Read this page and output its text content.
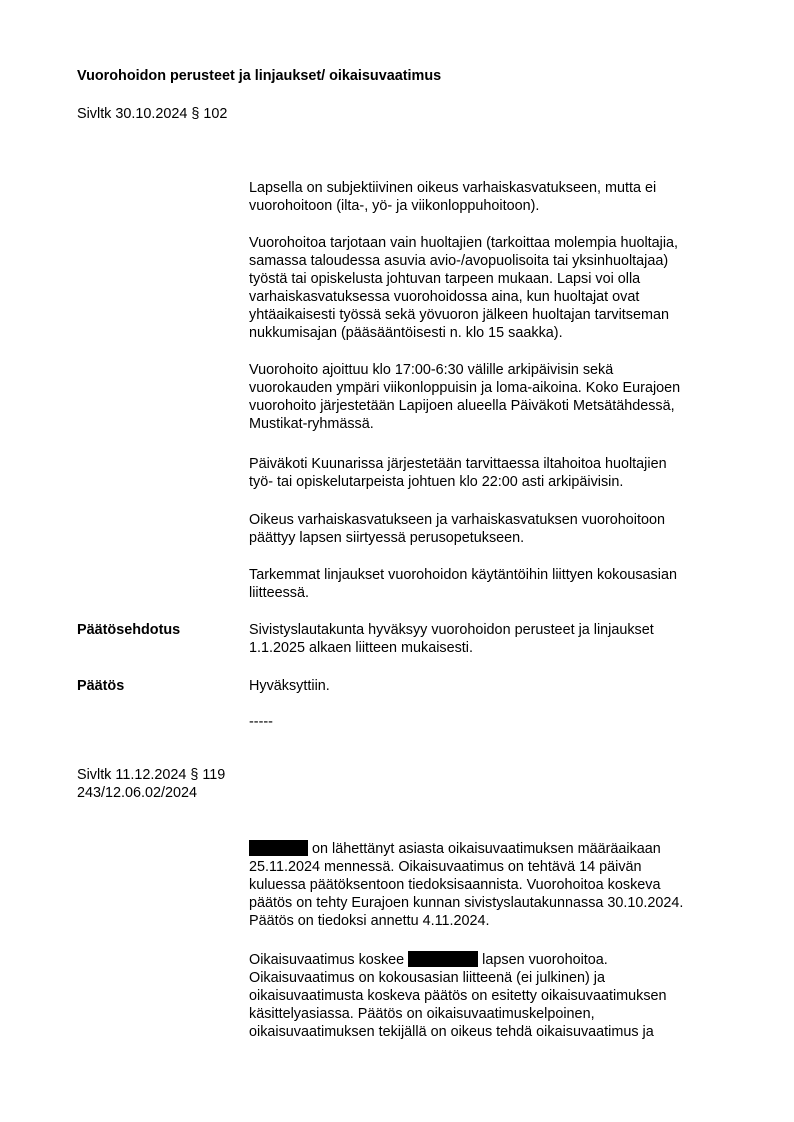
Vuorohoidon perusteet ja linjaukset/ oikaisuvaatimus

Sivltk 30.10.2024 § 102

Lapsella on subjektiivinen oikeus varhaiskasvatukseen, mutta ei
vuorohoitoon (ilta-, yö- ja viikonloppuhoitoon).

Vuorohoitoa tarjotaan vain huoltajien (tarkoittaa molempia huoltajia,
samassa taloudessa asuvia avio-/avopuolisoita tai yksinhuoltajaa)
työstä tai opiskelusta johtuvan tarpeen mukaan. Lapsi voi olla
varhaiskasvatuksessa vuorohoidossa aina, kun huoltajat ovat
yhtäaikaisesti työssä sekä yövuoron jälkeen huoltajan tarvitseman
nukkumisajan (pääsääntöisesti n. klo 15 saakka).

Vuorohoito ajoittuu klo 17:00-6:30 välille arkipäivisin sekä
vuorokauden ympäri viikonloppuisin ja loma-aikoina. Koko Eurajoen
vuorohoito järjestetään Lapijoen alueella Päiväkoti Metsätähdessä,
Mustikat-ryhmässä.

Päiväkoti Kuunarissa järjestetään tarvittaessa iltahoitoa huoltajien
työ- tai opiskelutarpeista johtuen klo 22:00 asti arkipäivisin.

Oikeus varhaiskasvatukseen ja varhaiskasvatuksen vuorohoitoon
päättyy lapsen siirtyessä perusopetukseen.

Tarkemmat linjaukset vuorohoidon käytäntöihin liittyen kokousasian
liitteessä.

Päätösehdotus	Sivistyslautakunta hyväksyy vuorohoidon perusteet ja linjaukset
1.1.2025 alkaen liitteen mukaisesti.

Päätös	Hyväksyttiin.

-----

Sivltk 11.12.2024 § 119
243/12.06.02/2024

on lähettänyt asiasta oikaisuvaatimuksen määräaikaan
25.11.2024 mennessä. Oikaisuvaatimus on tehtävä 14 päivän
kuluessa päätöksentoon tiedoksisaannista. Vuorohoitoa koskeva
päätös on tehty Eurajoen kunnan sivistyslautakunnassa 30.10.2024.
Päätös on tiedoksi annettu 4.11.2024.

Oikaisuvaatimus koskee	lapsen vuorohoitoa.
Oikaisuvaatimus on kokousasian liitteenä (ei julkinen) ja
oikaisuvaatimusta koskeva päätös on esitetty oikaisuvaatimuksen
käsittelyasiassa. Päätös on oikaisuvaatimuskelpoinen,
oikaisuvaatimuksen tekijällä on oikeus tehdä oikaisuvaatimus ja
